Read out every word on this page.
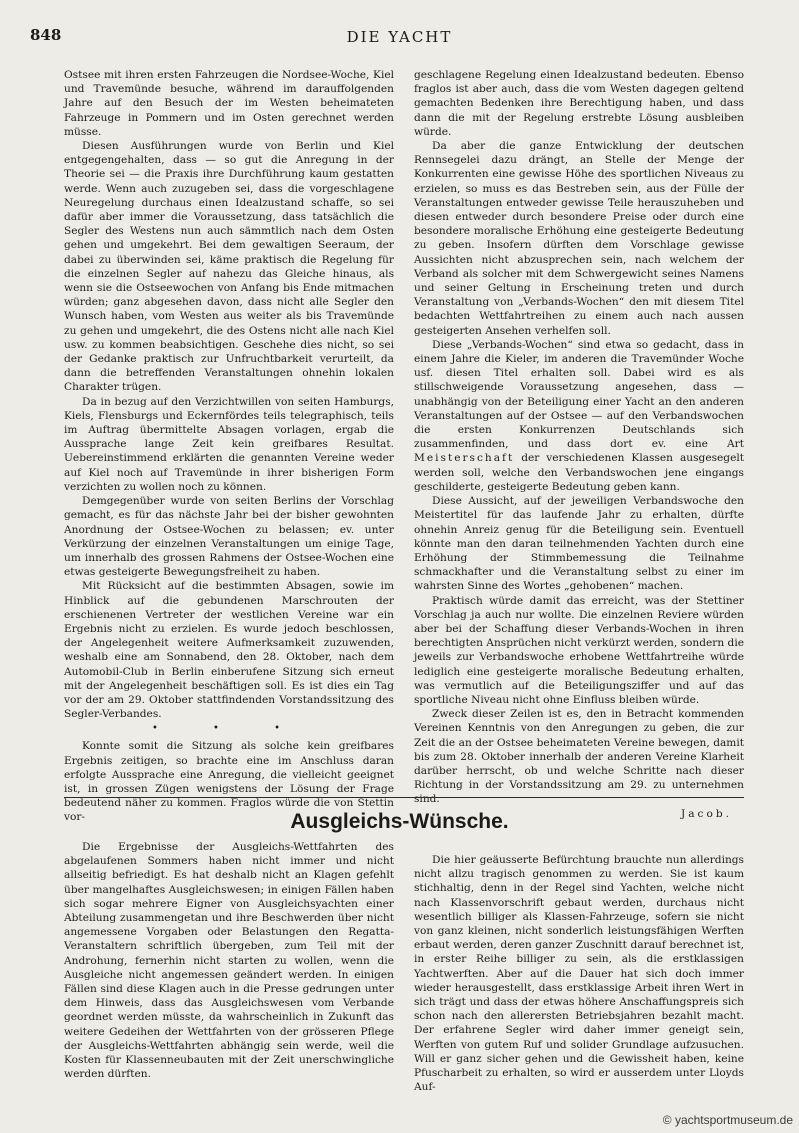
848	DIE YACHT

Ostsee mit ihren ersten Fahrzeugen die Nordsee-Woche, Kiel und Travemünde besuche, während im darauffolgenden Jahre auf den Besuch der im Westen beheimateten Fahrzeuge in Pommern und im Osten gerechnet werden müsse.

Diesen Ausführungen wurde von Berlin und Kiel entgegengehalten, dass — so gut die Anregung in der Theorie sei — die Praxis ihre Durchführung kaum gestatten werde. Wenn auch zuzugeben sei, dass die vorgeschlagene Neuregelung durchaus einen Idealzustand schaffe, so sei dafür aber immer die Voraussetzung, dass tatsächlich die Segler des Westens nun auch sämmtlich nach dem Osten gehen und umgekehrt. Bei dem gewaltigen Seeraum, der dabei zu überwinden sei, käme praktisch die Regelung für die einzelnen Segler auf nahezu das Gleiche hinaus, als wenn sie die Ostseewochen von Anfang bis Ende mitmachen würden; ganz abgesehen davon, dass nicht alle Segler den Wunsch haben, vom Westen aus weiter als bis Travemünde zu gehen und umgekehrt, die des Ostens nicht alle nach Kiel usw. zu kommen beabsichtigen. Geschehe dies nicht, so sei der Gedanke praktisch zur Unfruchtbarkeit verurteilt, da dann die betreffenden Veranstaltungen ohnehin lokalen Charakter trügen.

Da in bezug auf den Verzichtwillen von seiten Hamburgs, Kiels, Flensburgs und Eckernfördes teils telegraphisch, teils im Auftrag übermittelte Absagen vorlagen, ergab die Aussprache lange Zeit kein greifbares Resultat. Uebereinstimmend erklärten die genannten Vereine weder auf Kiel noch auf Travemünde in ihrer bisherigen Form verzichten zu wollen noch zu können.

Demgegenüber wurde von seiten Berlins der Vorschlag gemacht, es für das nächste Jahr bei der bisher gewohnten Anordnung der Ostsee-Wochen zu belassen; ev. unter Verkürzung der einzelnen Veranstaltungen um einige Tage, um innerhalb des grossen Rahmens der Ostsee-Wochen eine etwas gesteigerte Bewegungsfreiheit zu haben.

Mit Rücksicht auf die bestimmten Absagen, sowie im Hinblick auf die gebundenen Marschrouten der erschienenen Vertreter der westlichen Vereine war ein Ergebnis nicht zu erzielen. Es wurde jedoch beschlossen, der Angelegenheit weitere Aufmerksamkeit zuzuwenden, weshalb eine am Sonnabend, den 28. Oktober, nach dem Automobil-Club in Berlin einberufene Sitzung sich erneut mit der Angelegenheit beschäftigen soll. Es ist dies ein Tag vor der am 29. Oktober stattfindenden Vorstandssitzung des Segler-Verbandes.

• • •

Konnte somit die Sitzung als solche kein greifbares Ergebnis zeitigen, so brachte eine im Anschluss daran erfolgte Aussprache eine Anregung, die vielleicht geeignet ist, in grossen Zügen wenigstens der Lösung der Frage bedeutend näher zu kommen. Fraglos würde die von Stettin vor-

geschlagene Regelung einen Idealzustand bedeuten. Ebenso fraglos ist aber auch, dass die vom Westen dagegen geltend gemachten Bedenken ihre Berechtigung haben, und dass dann die mit der Regelung erstrebte Lösung ausbleiben würde.

Da aber die ganze Entwicklung der deutschen Rennsegelei dazu drängt, an Stelle der Menge der Konkurrenten eine gewisse Höhe des sportlichen Niveaus zu erzielen, so muss es das Bestreben sein, aus der Fülle der Veranstaltungen entweder gewisse Teile herauszuheben und diesen entweder durch besondere Preise oder durch eine besondere moralische Erhöhung eine gesteigerte Bedeutung zu geben. Insofern dürften dem Vorschlage gewisse Aussichten nicht abzusprechen sein, nach welchem der Verband als solcher mit dem Schwergewicht seines Namens und seiner Geltung in Erscheinung treten und durch Veranstaltung von „Verbands-Wochen“ den mit diesem Titel bedachten Wettfahrtreihen zu einem auch nach aussen gesteigerten Ansehen verhelfen soll.

Diese „Verbands-Wochen“ sind etwa so gedacht, dass in einem Jahre die Kieler, im anderen die Travemünder Woche usf. diesen Titel erhalten soll. Dabei wird es als stillschweigende Voraussetzung angesehen, dass — unabhängig von der Beteiligung einer Yacht an den anderen Veranstaltungen auf der Ostsee — auf den Verbandswochen die ersten Konkurrenzen Deutschlands sich zusammenfinden, und dass dort ev. eine Art Meisterschaft der verschiedenen Klassen ausgesegelt werden soll, welche den Verbandswochen jene eingangs geschilderte, gesteigerte Bedeutung geben kann.

Diese Aussicht, auf der jeweiligen Verbandswoche den Meistertitel für das laufende Jahr zu erhalten, dürfte ohnehin Anreiz genug für die Beteiligung sein. Eventuell könnte man den daran teilnehmenden Yachten durch eine Erhöhung der Stimmbemessung die Teilnahme schmackhafter und die Veranstaltung selbst zu einer im wahrsten Sinne des Wortes „gehobenen“ machen.

Praktisch würde damit das erreicht, was der Stettiner Vorschlag ja auch nur wollte. Die einzelnen Reviere würden aber bei der Schaffung dieser Verbands-Wochen in ihren berechtigten Ansprüchen nicht verkürzt werden, sondern die jeweils zur Verbandswoche erhobene Wettfahrtreihe würde lediglich eine gesteigerte moralische Bedeutung erhalten, was vermutlich auf die Beteiligungsziffer und auf das sportliche Niveau nicht ohne Einfluss bleiben würde.

Zweck dieser Zeilen ist es, den in Betracht kommenden Vereinen Kenntnis von den Anregungen zu geben, die zur Zeit die an der Ostsee beheimateten Vereine bewegen, damit bis zum 28. Oktober innerhalb der anderen Vereine Klarheit darüber herrscht, ob und welche Schritte nach dieser Richtung in der Vorstandssitzung am 29. zu unternehmen sind.

Jacob.
Ausgleichs-Wünsche.

Die Ergebnisse der Ausgleichs-Wettfahrten des abgelaufenen Sommers haben nicht immer und nicht allseitig befriedigt. Es hat deshalb nicht an Klagen gefehlt über mangelhaftes Ausgleichswesen; in einigen Fällen haben sich sogar mehrere Eigner von Ausgleichsyachten einer Abteilung zusammengetan und ihre Beschwerden über nicht angemessene Vorgaben oder Belastungen den Regatta-Veranstaltern schriftlich übergeben, zum Teil mit der Androhung, fernerhin nicht starten zu wollen, wenn die Ausgleiche nicht angemessen geändert werden. In einigen Fällen sind diese Klagen auch in die Presse gedrungen unter dem Hinweis, dass das Ausgleichswesen vom Verbande geordnet werden müsste, da wahrscheinlich in Zukunft das weitere Gedeihen der Wettfahrten von der grösseren Pflege der Ausgleichs-Wettfahrten abhängig sein werde, weil die Kosten für Klassenneubauten mit der Zeit unerschwingliche werden dürften.

Die hier geäusserte Befürchtung brauchte nun allerdings nicht allzu tragisch genommen zu werden. Sie ist kaum stichhaltig, denn in der Regel sind Yachten, welche nicht nach Klassenvorschrift gebaut werden, durchaus nicht wesentlich billiger als Klassen-Fahrzeuge, sofern sie nicht von ganz kleinen, nicht sonderlich leistungsfähigen Werften erbaut werden, deren ganzer Zuschnitt darauf berechnet ist, in erster Reihe billiger zu sein, als die erstklassigen Yachtwerften. Aber auf die Dauer hat sich doch immer wieder herausgestellt, dass erstklassige Arbeit ihren Wert in sich trägt und dass der etwas höhere Anschaffungspreis sich schon nach den allerersten Betriebsjahren bezahlt macht. Der erfahrene Segler wird daher immer geneigt sein, Werften von gutem Ruf und solider Grundlage aufzusuchen. Will er ganz sicher gehen und die Gewissheit haben, keine Pfuscharbeit zu erhalten, so wird er ausserdem unter Lloyds Auf-

© yachtsportmuseum.de
